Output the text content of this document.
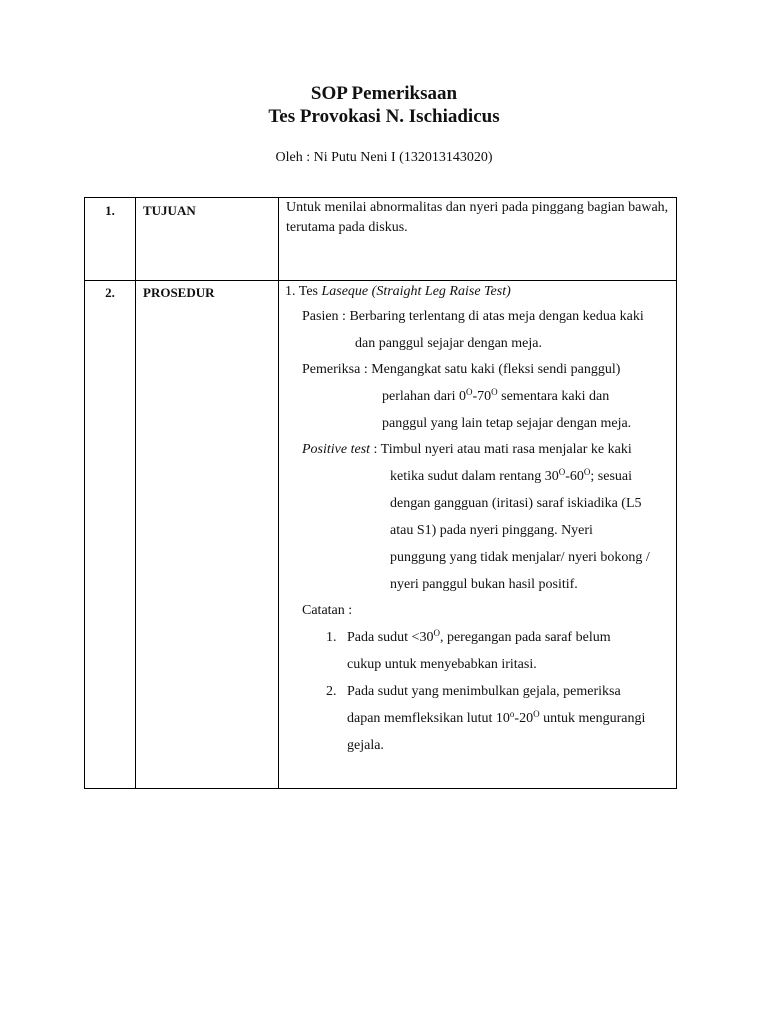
SOP Pemeriksaan
Tes Provokasi N. Ischiadicus
Oleh : Ni Putu Neni I (132013143020)
1.	TUJUAN	Untuk menilai abnormalitas dan nyeri pada pinggang bagian bawah, terutama pada diskus.
2.	PROSEDUR	1. Tes Laseque (Straight Leg Raise Test)
Pasien : Berbaring terlentang di atas meja dengan kedua kaki
dan panggul sejajar dengan meja.
Pemeriksa : Mengangkat satu kaki (fleksi sendi panggul)
perlahan dari $0^O-70^O$ sementara kaki dan
panggul yang lain tetap sejajar dengan meja.
Positive test : Timbul nyeri atau mati rasa menjalar ke kaki
ketika sudut dalam rentang $30^O-60^O$; sesuai
dengan gangguan (iritasi) saraf iskiadika (L5
atau S1) pada nyeri pinggang. Nyeri
punggung yang tidak menjalar/ nyeri bokong /
nyeri panggul bukan hasil positif.
Catatan :
1. Pada sudut $<30^O$, peregangan pada saraf belum
cukup untuk menyebabkan iritasi.
2. Pada sudut yang menimbulkan gejala, pemeriksa
dapan memfleksikan lutut $10^o-20^O$ untuk mengurangi
gejala.
